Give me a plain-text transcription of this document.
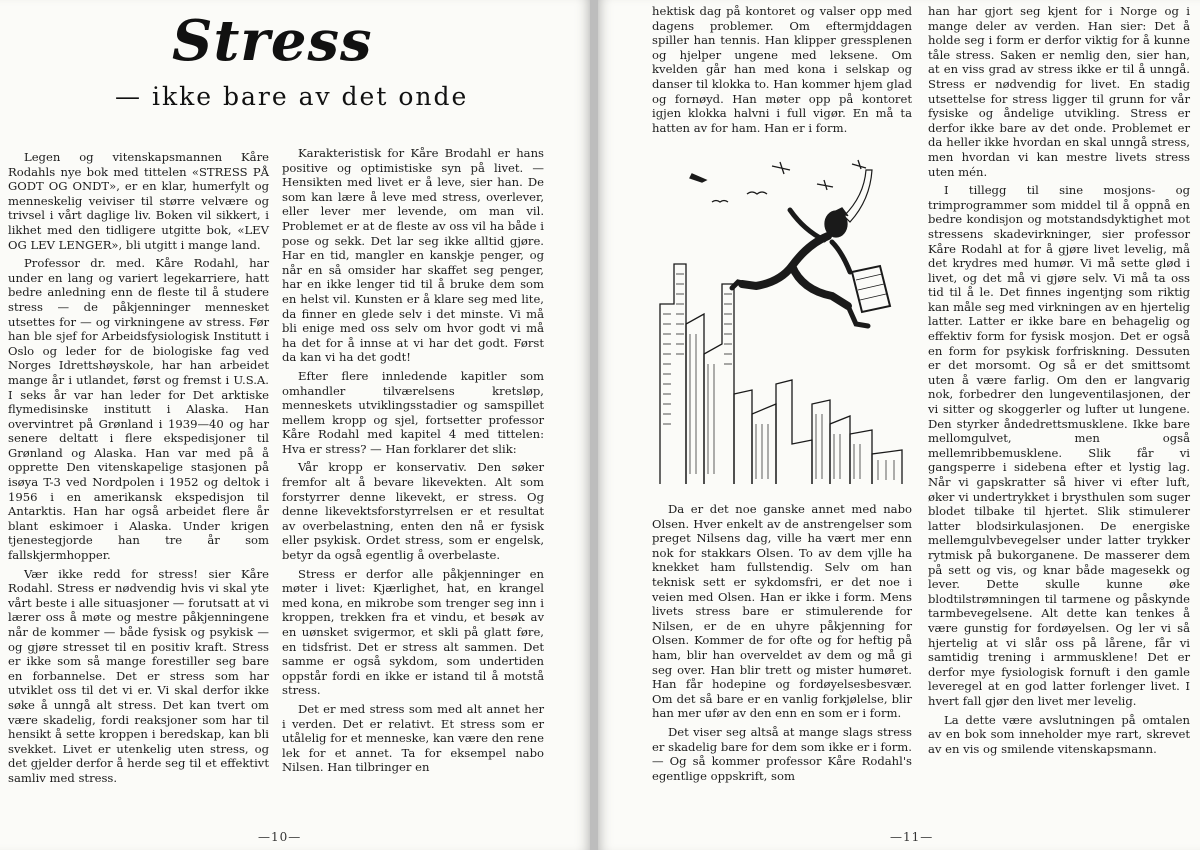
Stress
— ikke bare av det onde

Legen og vitenskapsmannen Kåre Rodahls nye bok med tittelen «STRESS PÅ GODT OG ONDT», er en klar, humerfylt og menneskelig veiviser til større velvære og trivsel i vårt daglige liv. Boken vil sikkert, i likhet med den tidligere utgitte bok, «LEV OG LEV LENGER», bli utgitt i mange land.

Professor dr. med. Kåre Rodahl, har under en lang og variert legekarriere, hatt bedre anledning enn de fleste til å studere stress — de påkjenninger mennesket utsettes for — og virkningene av stress. Før han ble sjef for Arbeidsfysiologisk Institutt i Oslo og leder for de biologiske fag ved Norges Idrettshøyskole, har han arbeidet mange år i utlandet, først og fremst i U.S.A. I seks år var han leder for Det arktiske flymedisinske institutt i Alaska. Han overvintret på Grønland i 1939—40 og har senere deltatt i flere ekspedisjoner til Grønland og Alaska. Han var med på å opprette Den vitenskapelige stasjonen på isøya T-3 ved Nordpolen i 1952 og deltok i 1956 i en amerikansk ekspedisjon til Antarktis. Han har også arbeidet flere år blant eskimoer i Alaska. Under krigen tjenestegjorde han tre år som fallskjermhopper.

Vær ikke redd for stress! sier Kåre Rodahl. Stress er nødvendig hvis vi skal yte vårt beste i alle situasjoner — forutsatt at vi lærer oss å møte og mestre påkjenningene når de kommer — både fysisk og psykisk — og gjøre stresset til en positiv kraft. Stress er ikke som så mange forestiller seg bare en forbannelse. Det er stress som har utviklet oss til det vi er. Vi skal derfor ikke søke å unngå alt stress. Det kan tvert om være skadelig, fordi reaksjoner som har til hensikt å sette kroppen i beredskap, kan bli svekket. Livet er utenkelig uten stress, og det gjelder derfor å herde seg til et effektivt samliv med stress.

Karakteristisk for Kåre Brodahl er hans positive og optimistiske syn på livet. — Hensikten med livet er å leve, sier han. De som kan lære å leve med stress, overlever, eller lever mer levende, om man vil. Problemet er at de fleste av oss vil ha både i pose og sekk. Det lar seg ikke alltid gjøre. Har en tid, mangler en kanskje penger, og når en så omsider har skaffet seg penger, har en ikke lenger tid til å bruke dem som en helst vil. Kunsten er å klare seg med lite, da finner en glede selv i det minste. Vi må bli enige med oss selv om hvor godt vi må ha det for å innse at vi har det godt. Først da kan vi ha det godt!

Efter flere innledende kapitler som omhandler tilværelsens kretsløp, menneskets utviklingsstadier og samspillet mellem kropp og sjel, fortsetter professor Kåre Rodahl med kapitel 4 med tittelen: Hva er stress? — Han forklarer det slik:

Vår kropp er konservativ. Den søker fremfor alt å bevare likevekten. Alt som forstyrrer denne likevekt, er stress. Og denne likevektsforstyrrelsen er et resultat av overbelastning, enten den nå er fysisk eller psykisk. Ordet stress, som er engelsk, betyr da også egentlig å overbelaste.

Stress er derfor alle påkjenninger en møter i livet: Kjærlighet, hat, en krangel med kona, en mikrobe som trenger seg inn i kroppen, trekken fra et vindu, et besøk av en uønsket svigermor, et skli på glatt føre, en tidsfrist. Det er stress alt sammen. Det samme er også sykdom, som undertiden oppstår fordi en ikke er istand til å motstå stress.

Det er med stress som med alt annet her i verden. Det er relativt. Et stress som er utålelig for et menneske, kan være den rene lek for et annet. Ta for eksempel nabo Nilsen. Han tilbringer en

—10—

hektisk dag på kontoret og valser opp med dagens problemer. Om eftermjddagen spiller han tennis. Han klipper gressplenen og hjelper ungene med leksene. Om kvelden går han med kona i selskap og danser til klokka to. Han kommer hjem glad og fornøyd. Han møter opp på kontoret igjen klokka halvni i full vigør. En må ta hatten av for ham. Han er i form.

Da er det noe ganske annet med nabo Olsen. Hver enkelt av de anstrengelser som preget Nilsens dag, ville ha vært mer enn nok for stakkars Olsen. To av dem vjlle ha knekket ham fullstendig. Selv om han teknisk sett er sykdomsfri, er det noe i veien med Olsen. Han er ikke i form. Mens livets stress bare er stimulerende for Nilsen, er de en uhyre påkjenning for Olsen. Kommer de for ofte og for heftig på ham, blir han overveldet av dem og må gi seg over. Han blir trett og mister humøret. Han får hodepine og fordøyelsesbesvær. Om det så bare er en vanlig forkjølelse, blir han mer ufør av den enn en som er i form.

Det viser seg altså at mange slags stress er skadelig bare for dem som ikke er i form. — Og så kommer professor Kåre Rodahl's egentlige oppskrift, som

han har gjort seg kjent for i Norge og i mange deler av verden. Han sier: Det å holde seg i form er derfor viktig for å kunne tåle stress. Saken er nemlig den, sier han, at en viss grad av stress ikke er til å unngå. Stress er nødvendig for livet. En stadig utsettelse for stress ligger til grunn for vår fysiske og åndelige utvikling. Stress er derfor ikke bare av det onde. Problemet er da heller ikke hvordan en skal unngå stress, men hvordan vi kan mestre livets stress uten mén.

I tillegg til sine mosjons- og trimprogrammer som middel til å oppnå en bedre kondisjon og motstandsdyktighet mot stressens skadevirkninger, sier professor Kåre Rodahl at for å gjøre livet levelig, må det krydres med humør. Vi må sette glød i livet, og det må vi gjøre selv. Vi må ta oss tid til å le. Det finnes ingentjng som riktig kan måle seg med virkningen av en hjertelig latter. Latter er ikke bare en behagelig og effektiv form for fysisk mosjon. Det er også en form for psykisk forfriskning. Dessuten er det morsomt. Og så er det smittsomt uten å være farlig. Om den er langvarig nok, forbedrer den lungeventilasjonen, der vi sitter og skoggerler og lufter ut lungene. Den styrker åndedrettsmusklene. Ikke bare mellomgulvet, men også mellemribbemusklene. Slik får vi gangsperre i sidebena efter et lystig lag. Når vi gapskratter så hiver vi efter luft, øker vi undertrykket i brysthulen som suger blodet tilbake til hjertet. Slik stimulerer latter blodsirkulasjonen. De energiske mellemgulvbevegelser under latter trykker rytmisk på bukorganene. De masserer dem på sett og vis, og knar både magesekk og lever. Dette skulle kunne øke blodtilstrømningen til tarmene og påskynde tarmbevegelsene. Alt dette kan tenkes å være gunstig for fordøyelsen. Og ler vi så hjertelig at vi slår oss på lårene, får vi samtidig trening i armmusklene! Det er derfor mye fysiologisk fornuft i den gamle leveregel at en god latter forlenger livet. I hvert fall gjør den livet mer levelig.

La dette være avslutningen på omtalen av en bok som inneholder mye rart, skrevet av en vis og smilende vitenskapsmann.

—11—
